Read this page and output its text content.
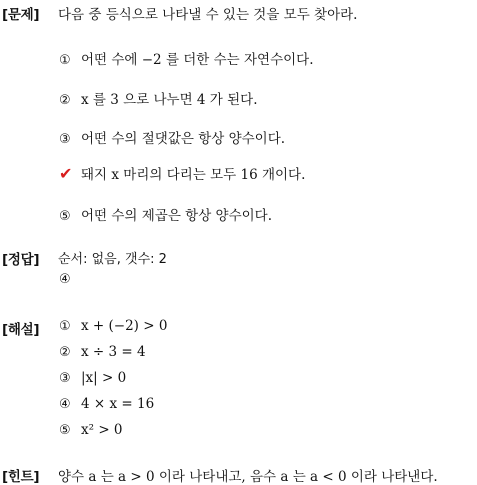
[문제] 다음 중 등식으로 나타낼 수 있는 것을 모두 찾아라.
① 어떤 수에 −2 를 더한 수는 자연수이다.
② x 를 3 으로 나누면 4 가 된다.
③ 어떤 수의 절댓값은 항상 양수이다.
✔ 돼지 x 마리의 다리는 모두 16 개이다.
⑤ 어떤 수의 제곱은 항상 양수이다.
[정답] 순서: 없음, 갯수: 2
④
[해설] ① x + (−2) > 0
② x ÷ 3 = 4
③ |x| > 0
④ 4 × x = 16
⑤ x² > 0
[힌트] 양수 a 는 a > 0 이라 나타내고, 음수 a 는 a < 0 이라 나타낸다.
